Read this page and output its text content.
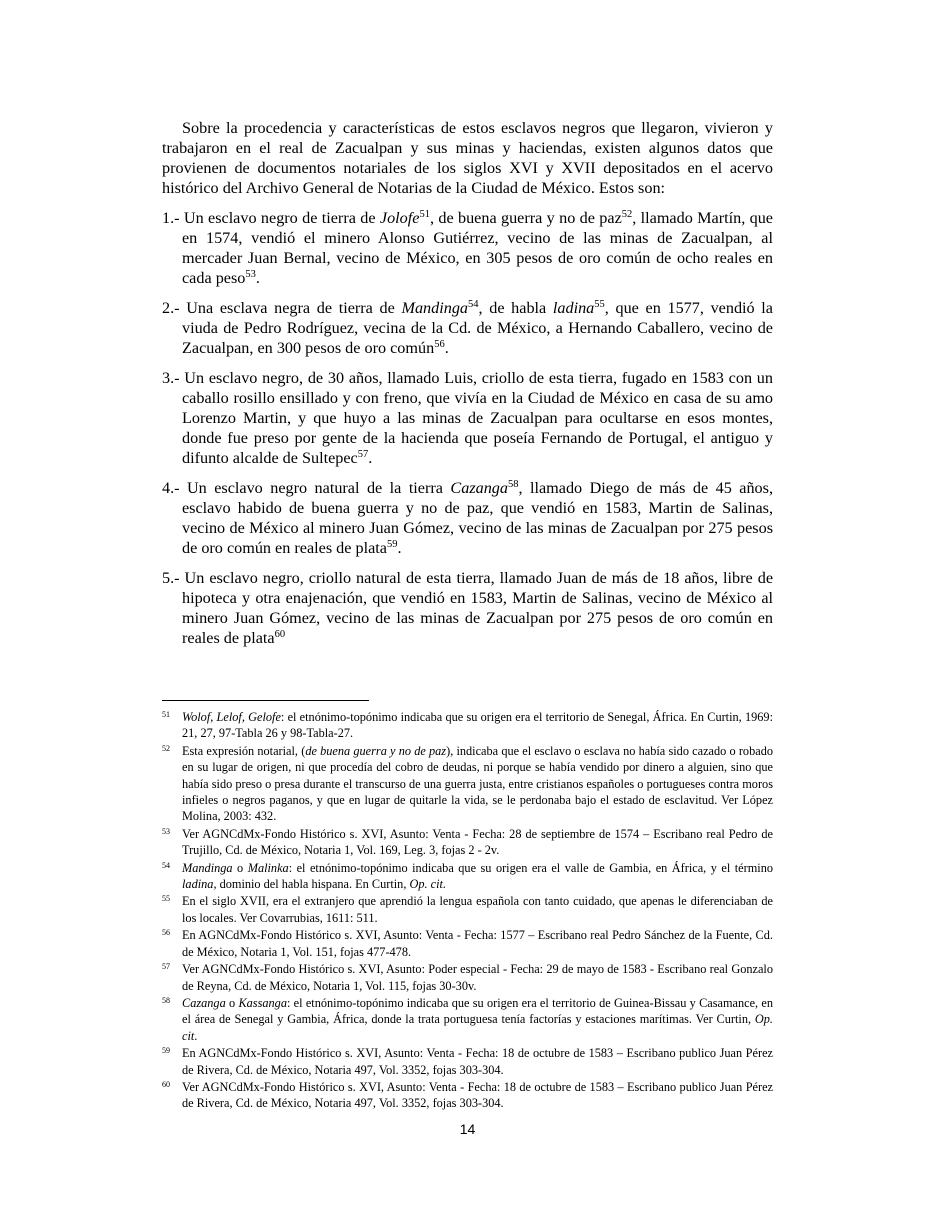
Sobre la procedencia y características de estos esclavos negros que llegaron, vivieron y trabajaron en el real de Zacualpan y sus minas y haciendas, existen algunos datos que provienen de documentos notariales de los siglos XVI y XVII depositados en el acervo histórico del Archivo General de Notarias de la Ciudad de México. Estos son:

1.- Un esclavo negro de tierra de Jolofe$^{51}$, de buena guerra y no de paz$^{52}$, llamado Martín, que en 1574, vendió el minero Alonso Gutiérrez, vecino de las minas de Zacualpan, al mercader Juan Bernal, vecino de México, en 305 pesos de oro común de ocho reales en cada peso$^{53}$.

2.- Una esclava negra de tierra de Mandinga$^{54}$, de habla ladina$^{55}$, que en 1577, vendió la viuda de Pedro Rodríguez, vecina de la Cd. de México, a Hernando Caballero, vecino de Zacualpan, en 300 pesos de oro común$^{56}$.

3.- Un esclavo negro, de 30 años, llamado Luis, criollo de esta tierra, fugado en 1583 con un caballo rosillo ensillado y con freno, que vivía en la Ciudad de México en casa de su amo Lorenzo Martin, y que huyo a las minas de Zacualpan para ocultarse en esos montes, donde fue preso por gente de la hacienda que poseía Fernando de Portugal, el antiguo y difunto alcalde de Sultepec$^{57}$.

4.- Un esclavo negro natural de la tierra Cazanga$^{58}$, llamado Diego de más de 45 años, esclavo habido de buena guerra y no de paz, que vendió en 1583, Martin de Salinas, vecino de México al minero Juan Gómez, vecino de las minas de Zacualpan por 275 pesos de oro común en reales de plata$^{59}$.

5.- Un esclavo negro, criollo natural de esta tierra, llamado Juan de más de 18 años, libre de hipoteca y otra enajenación, que vendió en 1583, Martin de Salinas, vecino de México al minero Juan Gómez, vecino de las minas de Zacualpan por 275 pesos de oro común en reales de plata$^{60}$

51 Wolof, Lelof, Gelofe: el etnónimo-topónimo indicaba que su origen era el territorio de Senegal, África. En Curtin, 1969: 21, 27, 97-Tabla 26 y 98-Tabla-27.
52 Esta expresión notarial, (de buena guerra y no de paz), indicaba que el esclavo o esclava no había sido cazado o robado en su lugar de origen, ni que procedía del cobro de deudas, ni porque se había vendido por dinero a alguien, sino que había sido preso o presa durante el transcurso de una guerra justa, entre cristianos españoles o portugueses contra moros infieles o negros paganos, y que en lugar de quitarle la vida, se le perdonaba bajo el estado de esclavitud. Ver López Molina, 2003: 432.
53 Ver AGNCdMx-Fondo Histórico s. XVI, Asunto: Venta - Fecha: 28 de septiembre de 1574 – Escribano real Pedro de Trujillo, Cd. de México, Notaria 1, Vol. 169, Leg. 3, fojas 2 - 2v.
54 Mandinga o Malinka: el etnónimo-topónimo indicaba que su origen era el valle de Gambia, en África, y el término ladina, dominio del habla hispana. En Curtin, Op. cit.
55 En el siglo XVII, era el extranjero que aprendió la lengua española con tanto cuidado, que apenas le diferenciaban de los locales. Ver Covarrubias, 1611: 511.
56 En AGNCdMx-Fondo Histórico s. XVI, Asunto: Venta - Fecha: 1577 – Escribano real Pedro Sánchez de la Fuente, Cd. de México, Notaria 1, Vol. 151, fojas 477-478.
57 Ver AGNCdMx-Fondo Histórico s. XVI, Asunto: Poder especial - Fecha: 29 de mayo de 1583 - Escribano real Gonzalo de Reyna, Cd. de México, Notaria 1, Vol. 115, fojas 30-30v.
58 Cazanga o Kassanga: el etnónimo-topónimo indicaba que su origen era el territorio de Guinea-Bissau y Casamance, en el área de Senegal y Gambia, África, donde la trata portuguesa tenía factorías y estaciones marítimas. Ver Curtin, Op. cit.
59 En AGNCdMx-Fondo Histórico s. XVI, Asunto: Venta - Fecha: 18 de octubre de 1583 – Escribano publico Juan Pérez de Rivera, Cd. de México, Notaria 497, Vol. 3352, fojas 303-304.
60 Ver AGNCdMx-Fondo Histórico s. XVI, Asunto: Venta - Fecha: 18 de octubre de 1583 – Escribano publico Juan Pérez de Rivera, Cd. de México, Notaria 497, Vol. 3352, fojas 303-304.
14
